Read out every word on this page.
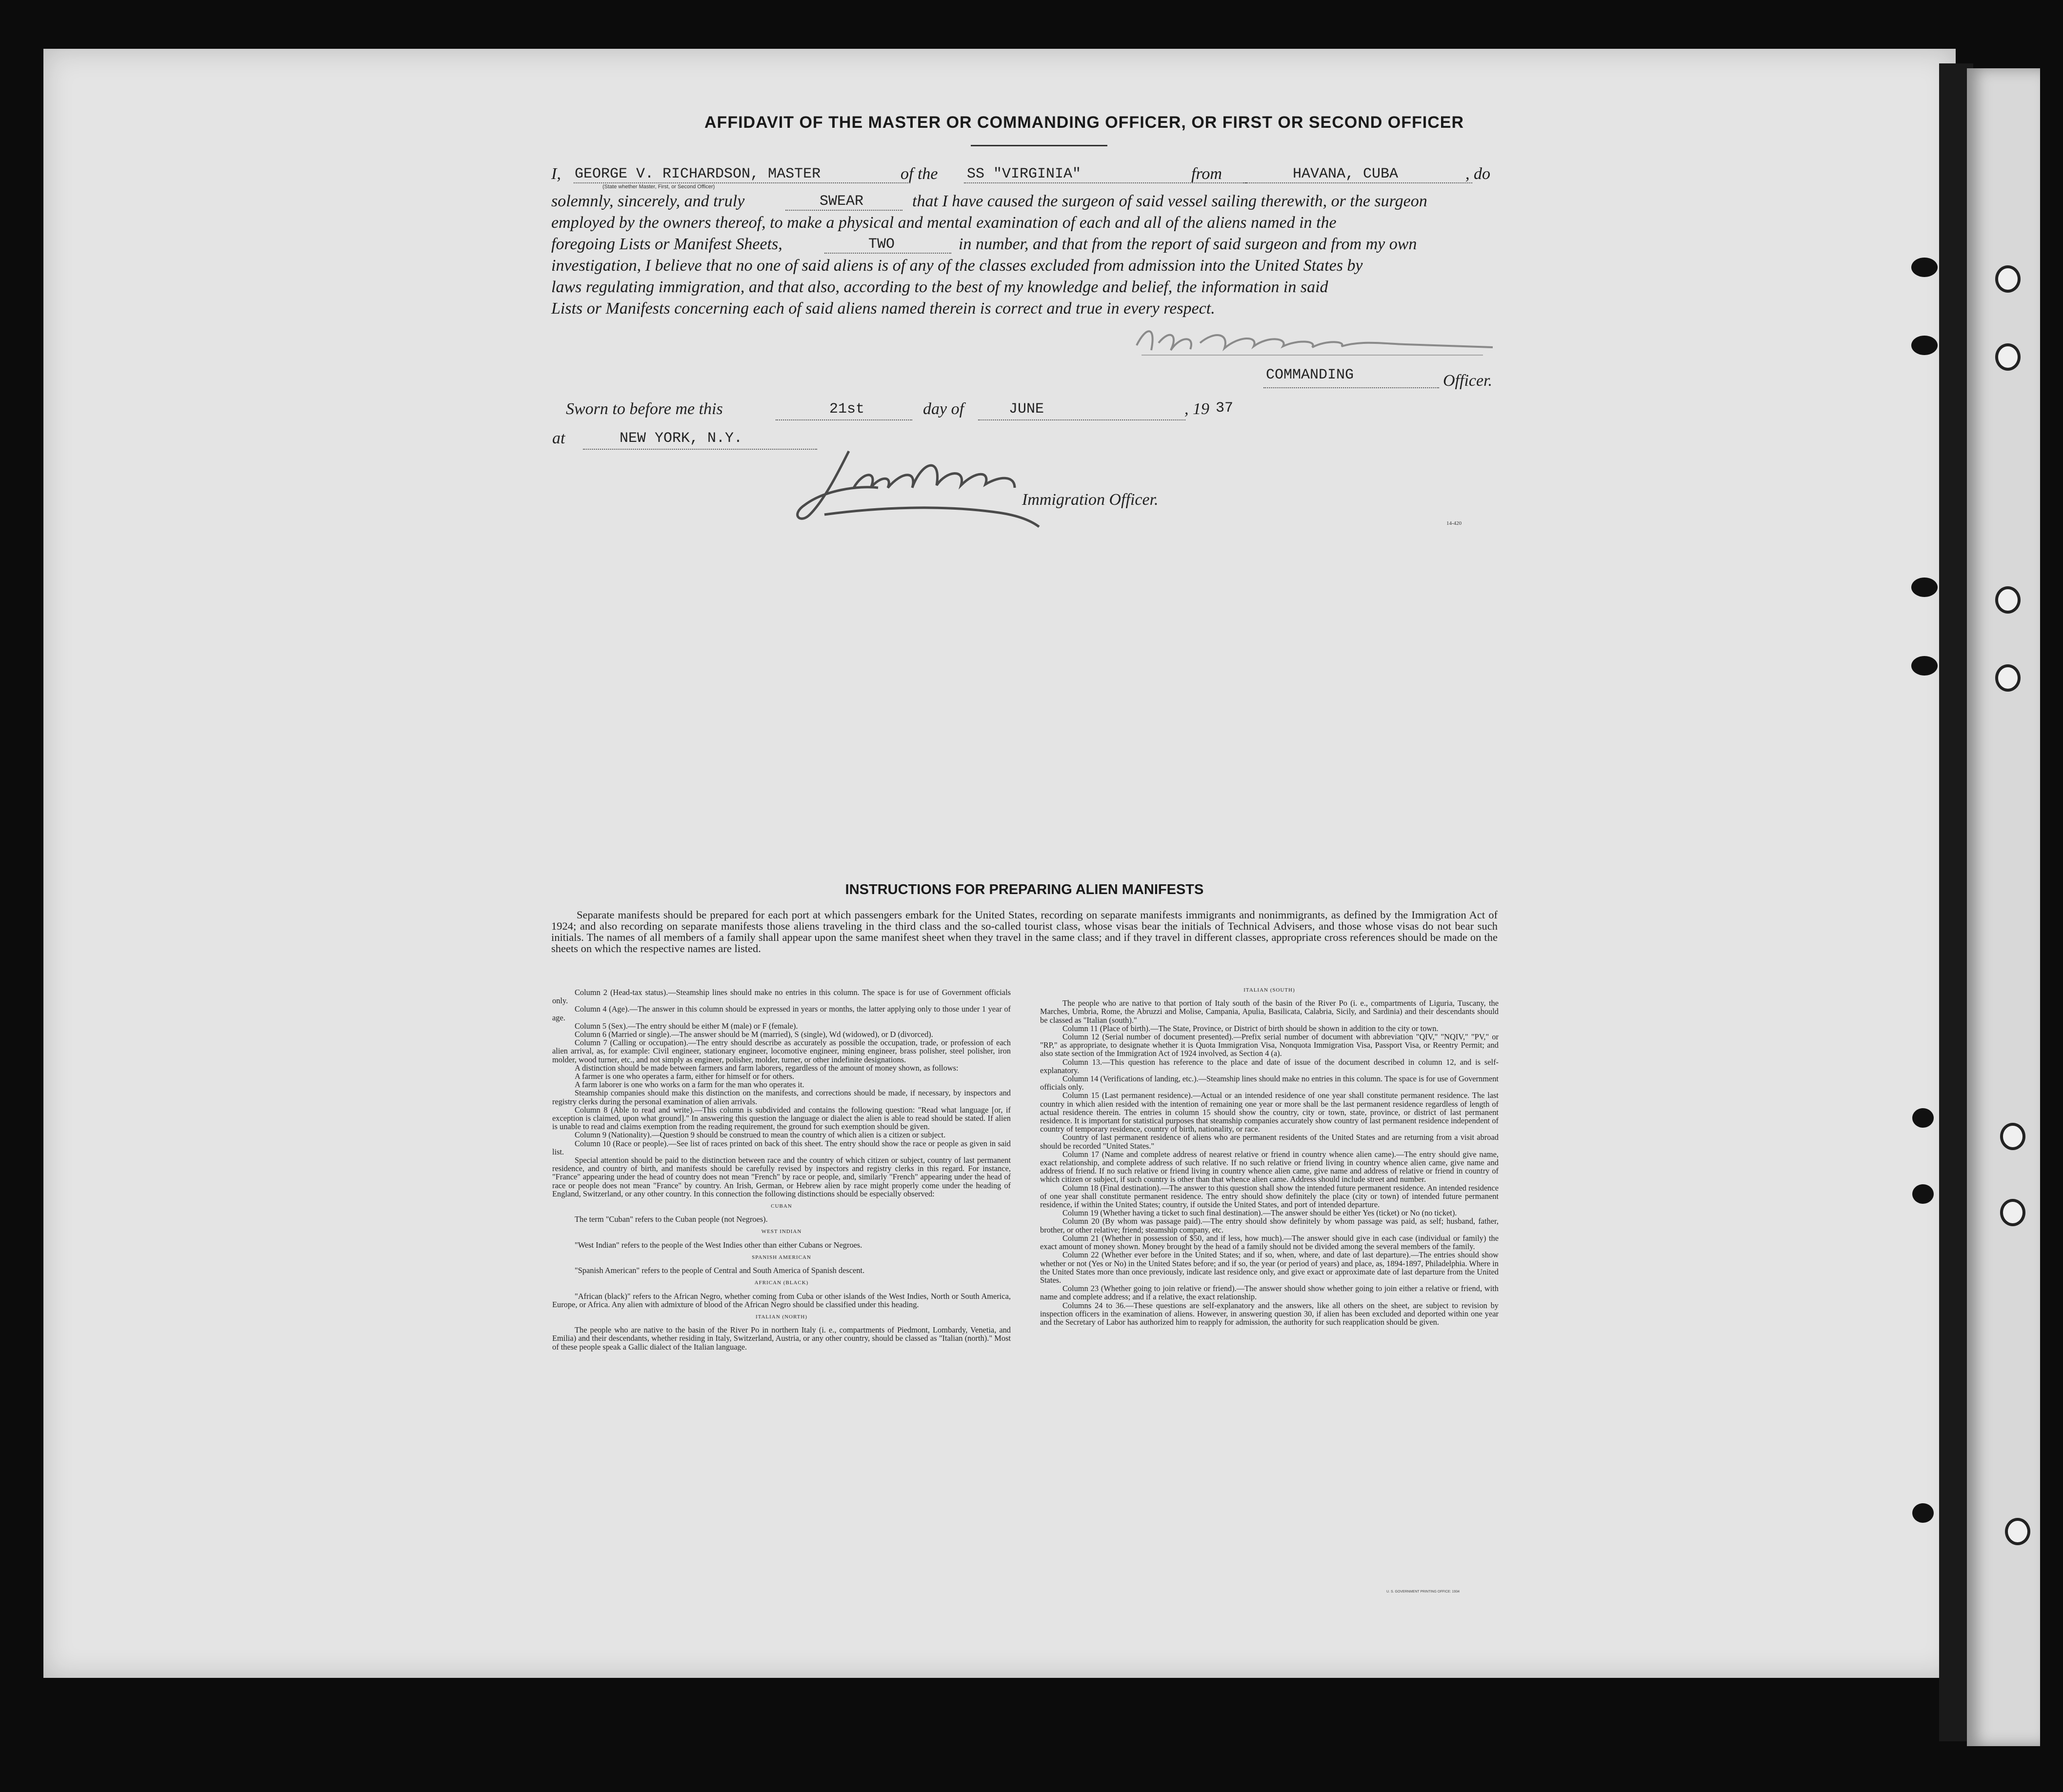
AFFIDAVIT OF THE MASTER OR COMMANDING OFFICER, OR FIRST OR SECOND OFFICER
I, GEORGE V. RICHARDSON, MASTER	of the SS "VIRGINIA"	from	HAVANA, CUBA	, do
(State whether Master, First, or Second Officer)
solemnly, sincerely, and truly	SWEAR	that I have caused the surgeon of said vessel sailing therewith, or the surgeon
employed by the owners thereof, to make a physical and mental examination of each and all of the aliens named in the
foregoing Lists or Manifest Sheets,	TWO	in number, and that from the report of said surgeon and from my own
investigation, I believe that no one of said aliens is of any of the classes excluded from admission into the United States by
laws regulating immigration, and that also, according to the best of my knowledge and belief, the information in said
Lists or Manifests concerning each of said aliens named therein is correct and true in every respect.
COMMANDING	Officer.
Sworn to before me this	21st	day of	JUNE	, 19 37
at	NEW YORK, N.Y.
Immigration Officer.
14-420
INSTRUCTIONS FOR PREPARING ALIEN MANIFESTS
Separate manifests should be prepared for each port at which passengers embark for the United States, recording on separate manifests immigrants and nonimmigrants, as defined by the Immigration Act of 1924; and also recording on separate manifests those aliens traveling in the third class and the so-called tourist class, whose visas bear the initials of Technical Advisers, and those whose visas do not bear such initials. The names of all members of a family shall appear upon the same manifest sheet when they travel in the same class; and if they travel in different classes, appropriate cross references should be made on the sheets on which the respective names are listed.

Column 2 (Head-tax status).—Steamship lines should make no entries in this column. The space is for use of Government officials only.

Column 4 (Age).—The answer in this column should be expressed in years or months, the latter applying only to those under 1 year of age.

Column 5 (Sex).—The entry should be either M (male) or F (female).

Column 6 (Married or single).—The answer should be M (married), S (single), Wd (widowed), or D (divorced).

Column 7 (Calling or occupation).—The entry should describe as accurately as possible the occupation, trade, or profession of each alien arrival, as, for example: Civil engineer, stationary engineer, locomotive engineer, mining engineer, brass polisher, steel polisher, iron molder, wood turner, etc., and not simply as engineer, polisher, molder, turner, or other indefinite designations.

A distinction should be made between farmers and farm laborers, regardless of the amount of money shown, as follows:

A farmer is one who operates a farm, either for himself or for others.

A farm laborer is one who works on a farm for the man who operates it.

Steamship companies should make this distinction on the manifests, and corrections should be made, if necessary, by inspectors and registry clerks during the personal examination of alien arrivals.

Column 8 (Able to read and write).—This column is subdivided and contains the following question: "Read what language [or, if exception is claimed, upon what ground]." In answering this question the language or dialect the alien is able to read should be stated. If alien is unable to read and claims exemption from the reading requirement, the ground for such exemption should be given.

Column 9 (Nationality).—Question 9 should be construed to mean the country of which alien is a citizen or subject.

Column 10 (Race or people).—See list of races printed on back of this sheet. The entry should show the race or people as given in said list.

Special attention should be paid to the distinction between race and the country of which citizen or subject, country of last permanent residence, and country of birth, and manifests should be carefully revised by inspectors and registry clerks in this regard. For instance, "France" appearing under the head of country does not mean "French" by race or people, and, similarly "French" appearing under the head of race or people does not mean "France" by country. An Irish, German, or Hebrew alien by race might properly come under the heading of England, Switzerland, or any other country. In this connection the following distinctions should be especially observed:

CUBAN

The term "Cuban" refers to the Cuban people (not Negroes).

WEST INDIAN

"West Indian" refers to the people of the West Indies other than either Cubans or Negroes.

SPANISH AMERICAN

"Spanish American" refers to the people of Central and South America of Spanish descent.

AFRICAN (BLACK)

"African (black)" refers to the African Negro, whether coming from Cuba or other islands of the West Indies, North or South America, Europe, or Africa. Any alien with admixture of blood of the African Negro should be classified under this heading.

ITALIAN (NORTH)

The people who are native to the basin of the River Po in northern Italy (i. e., compartments of Piedmont, Lombardy, Venetia, and Emilia) and their descendants, whether residing in Italy, Switzerland, Austria, or any other country, should be classed as "Italian (north)." Most of these people speak a Gallic dialect of the Italian language.

ITALIAN (SOUTH)

The people who are native to that portion of Italy south of the basin of the River Po (i. e., compartments of Liguria, Tuscany, the Marches, Umbria, Rome, the Abruzzi and Molise, Campania, Apulia, Basilicata, Calabria, Sicily, and Sardinia) and their descendants should be classed as "Italian (south)."

Column 11 (Place of birth).—The State, Province, or District of birth should be shown in addition to the city or town.

Column 12 (Serial number of document presented).—Prefix serial number of document with abbreviation "QIV," "NQIV," "PV," or "RP," as appropriate, to designate whether it is Quota Immigration Visa, Nonquota Immigration Visa, Passport Visa, or Reentry Permit; and also state section of the Immigration Act of 1924 involved, as Section 4 (a).

Column 13.—This question has reference to the place and date of issue of the document described in column 12, and is self-explanatory.

Column 14 (Verifications of landing, etc.).—Steamship lines should make no entries in this column. The space is for use of Government officials only.

Column 15 (Last permanent residence).—Actual or an intended residence of one year shall constitute permanent residence. The last country in which alien resided with the intention of remaining one year or more shall be the last permanent residence regardless of length of actual residence therein. The entries in column 15 should show the country, city or town, state, province, or district of last permanent residence. It is important for statistical purposes that steamship companies accurately show country of last permanent residence independent of country of temporary residence, country of birth, nationality, or race.

Country of last permanent residence of aliens who are permanent residents of the United States and are returning from a visit abroad should be recorded "United States."

Column 17 (Name and complete address of nearest relative or friend in country whence alien came).—The entry should give name, exact relationship, and complete address of such relative. If no such relative or friend living in country whence alien came, give name and address of friend. If no such relative or friend living in country whence alien came, give name and address of relative or friend in country of which citizen or subject, if such country is other than that whence alien came. Address should include street and number.

Column 18 (Final destination).—The answer to this question shall show the intended future permanent residence. An intended residence of one year shall constitute permanent residence. The entry should show definitely the place (city or town) of intended future permanent residence, if within the United States; country, if outside the United States, and port of intended departure.

Column 19 (Whether having a ticket to such final destination).—The answer should be either Yes (ticket) or No (no ticket).

Column 20 (By whom was passage paid).—The entry should show definitely by whom passage was paid, as self; husband, father, brother, or other relative; friend; steamship company, etc.

Column 21 (Whether in possession of $50, and if less, how much).—The answer should give in each case (individual or family) the exact amount of money shown. Money brought by the head of a family should not be divided among the several members of the family.

Column 22 (Whether ever before in the United States; and if so, when, where, and date of last departure).—The entries should show whether or not (Yes or No) in the United States before; and if so, the year (or period of years) and place, as, 1894-1897, Philadelphia. Where in the United States more than once previously, indicate last residence only, and give exact or approximate date of last departure from the United States.

Column 23 (Whether going to join relative or friend).—The answer should show whether going to join either a relative or friend, with name and complete address; and if a relative, the exact relationship.

Columns 24 to 36.—These questions are self-explanatory and the answers, like all others on the sheet, are subject to revision by inspection officers in the examination of aliens. However, in answering question 30, if alien has been excluded and deported within one year and the Secretary of Labor has authorized him to reapply for admission, the authority for such reapplication should be given.

U. S. GOVERNMENT PRINTING OFFICE: 1934
